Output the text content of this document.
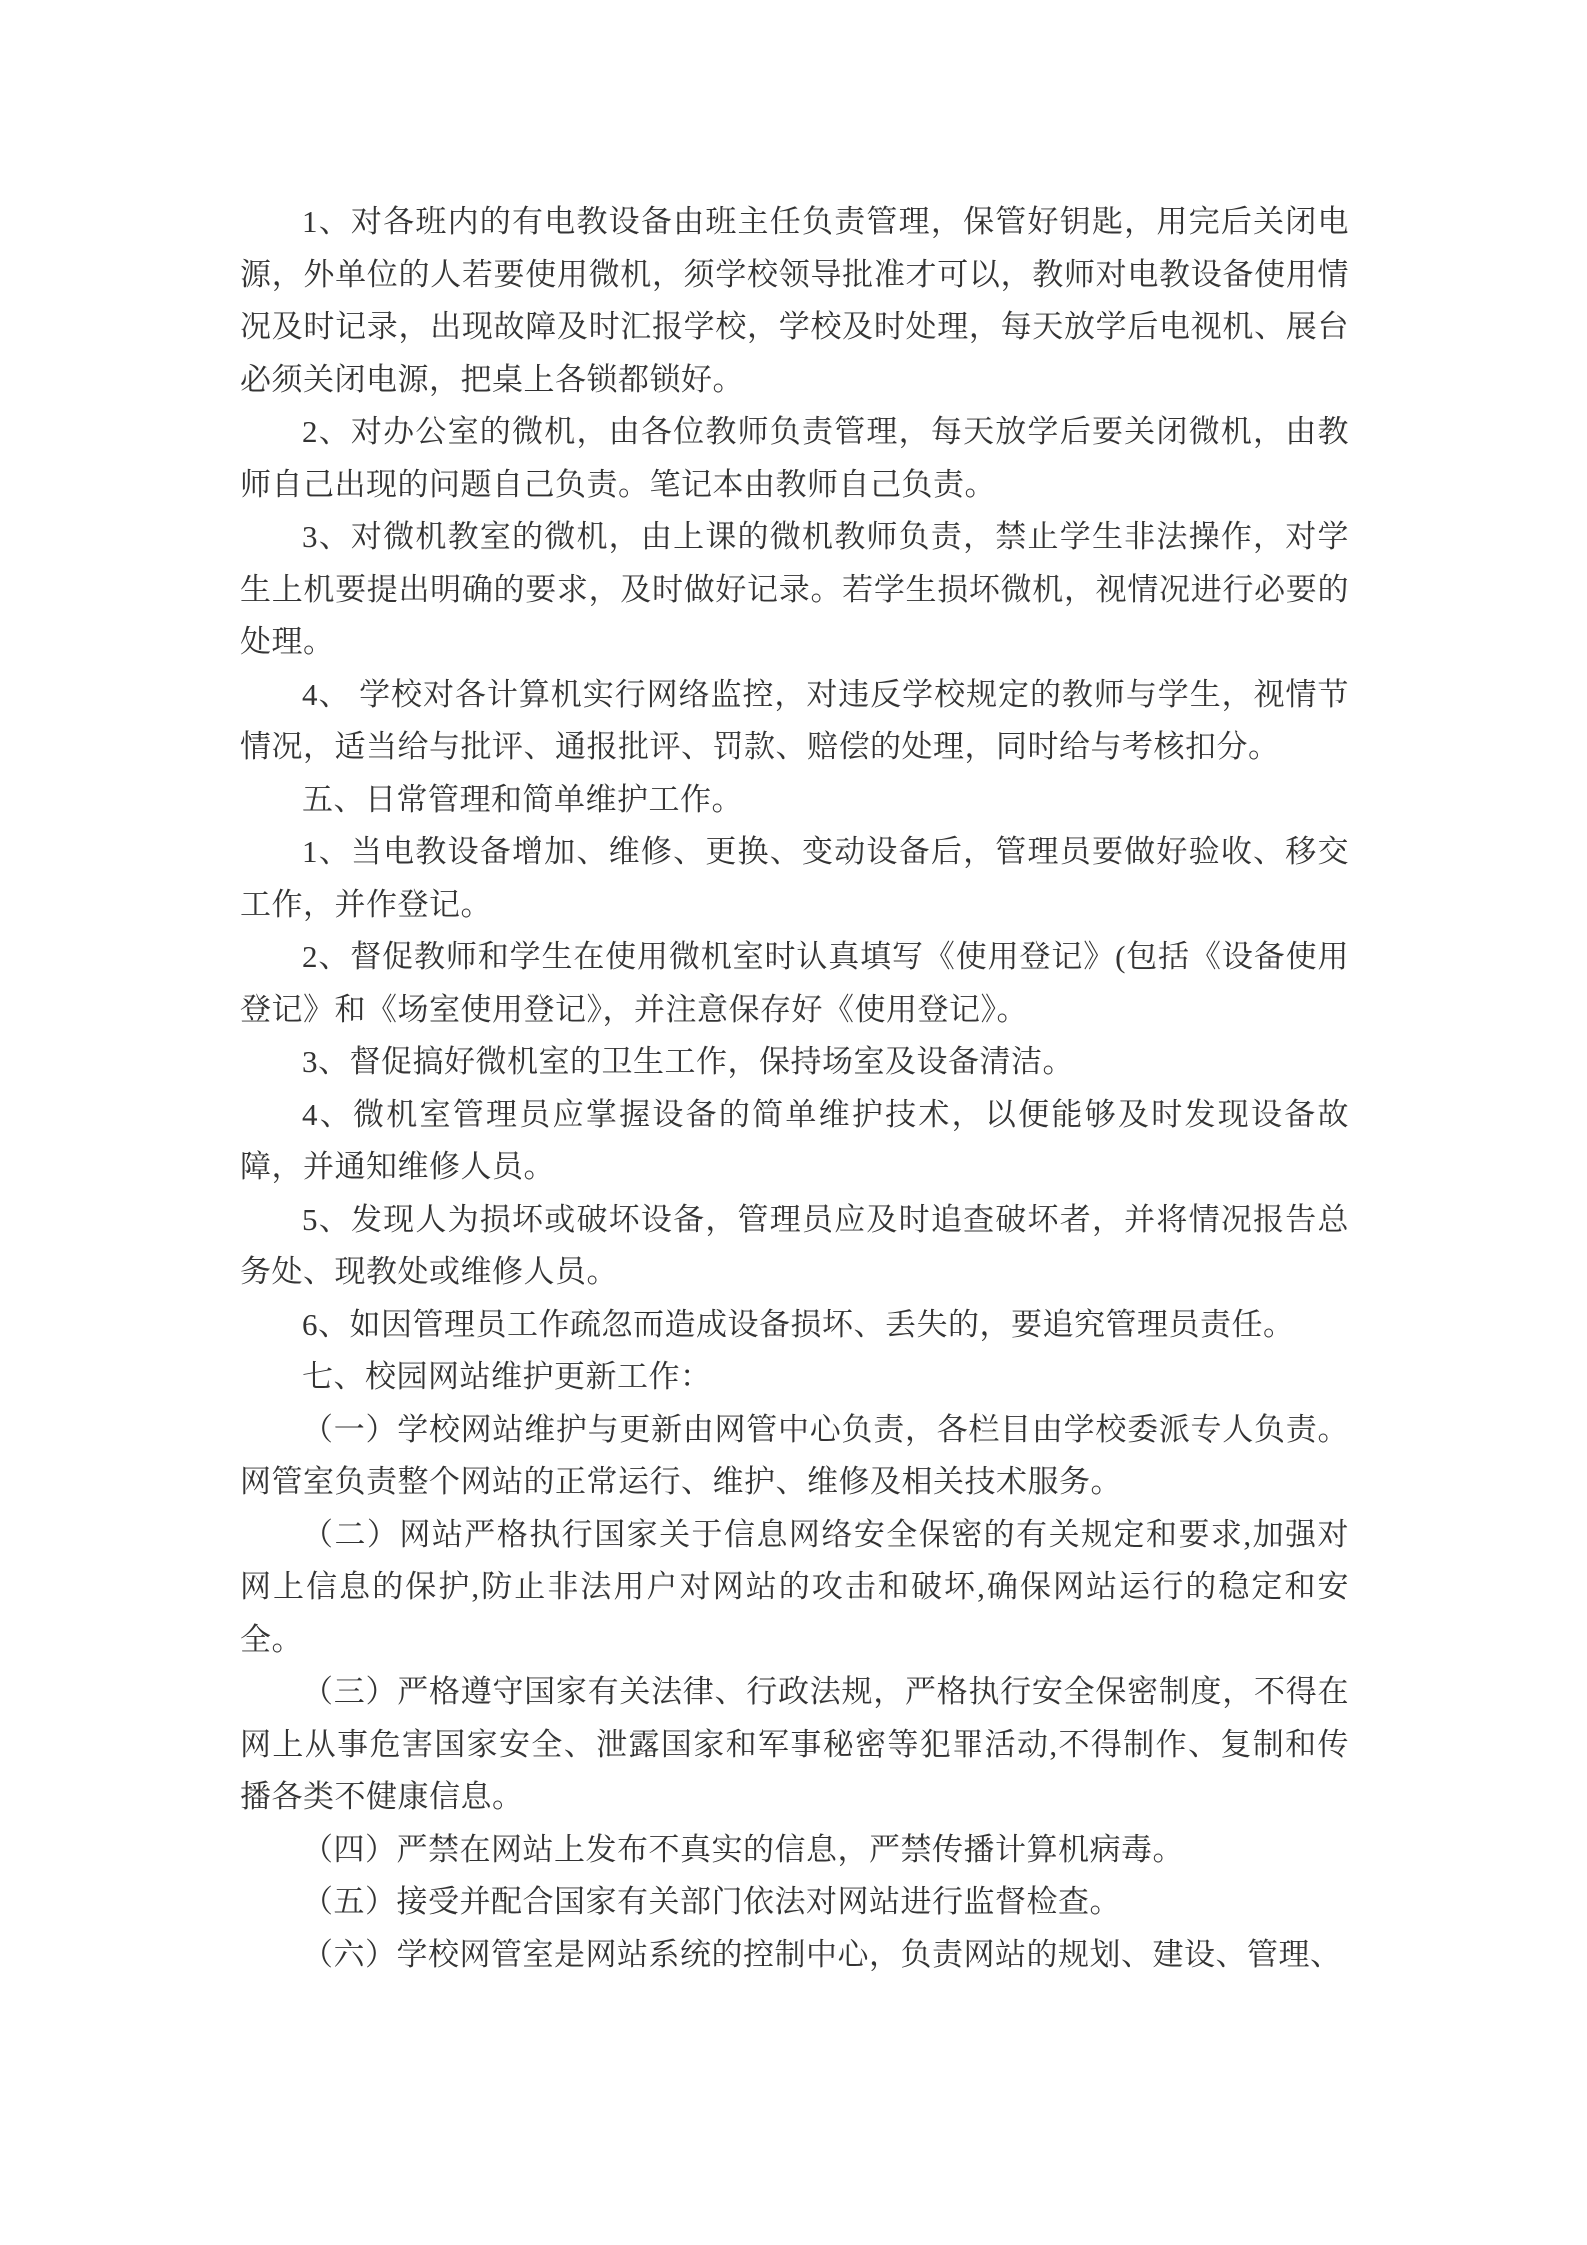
1、对各班内的有电教设备由班主任负责管理，保管好钥匙，用完后关闭电源，外单位的人若要使用微机，须学校领导批准才可以，教师对电教设备使用情况及时记录，出现故障及时汇报学校，学校及时处理，每天放学后电视机、展台必须关闭电源，把桌上各锁都锁好。

2、对办公室的微机，由各位教师负责管理，每天放学后要关闭微机，由教师自己出现的问题自己负责。笔记本由教师自己负责。

3、对微机教室的微机，由上课的微机教师负责，禁止学生非法操作，对学生上机要提出明确的要求，及时做好记录。若学生损坏微机，视情况进行必要的处理。

4、 学校对各计算机实行网络监控，对违反学校规定的教师与学生，视情节情况，适当给与批评、通报批评、罚款、赔偿的处理，同时给与考核扣分。

五、日常管理和简单维护工作。

1、当电教设备增加、维修、更换、变动设备后，管理员要做好验收、移交工作，并作登记。

2、督促教师和学生在使用微机室时认真填写《使用登记》(包括《设备使用登记》和《场室使用登记》，并注意保存好《使用登记》。

3、督促搞好微机室的卫生工作，保持场室及设备清洁。

4、微机室管理员应掌握设备的简单维护技术，以便能够及时发现设备故障，并通知维修人员。

5、发现人为损坏或破坏设备，管理员应及时追查破坏者，并将情况报告总务处、现教处或维修人员。

6、如因管理员工作疏忽而造成设备损坏、丢失的，要追究管理员责任。

七、校园网站维护更新工作：

（一）学校网站维护与更新由网管中心负责，各栏目由学校委派专人负责。网管室负责整个网站的正常运行、维护、维修及相关技术服务。

（二）网站严格执行国家关于信息网络安全保密的有关规定和要求,加强对网上信息的保护,防止非法用户对网站的攻击和破坏,确保网站运行的稳定和安全。

（三）严格遵守国家有关法律、行政法规，严格执行安全保密制度，不得在网上从事危害国家安全、泄露国家和军事秘密等犯罪活动,不得制作、复制和传播各类不健康信息。

（四）严禁在网站上发布不真实的信息，严禁传播计算机病毒。

（五）接受并配合国家有关部门依法对网站进行监督检查。

（六）学校网管室是网站系统的控制中心，负责网站的规划、建设、管理、
